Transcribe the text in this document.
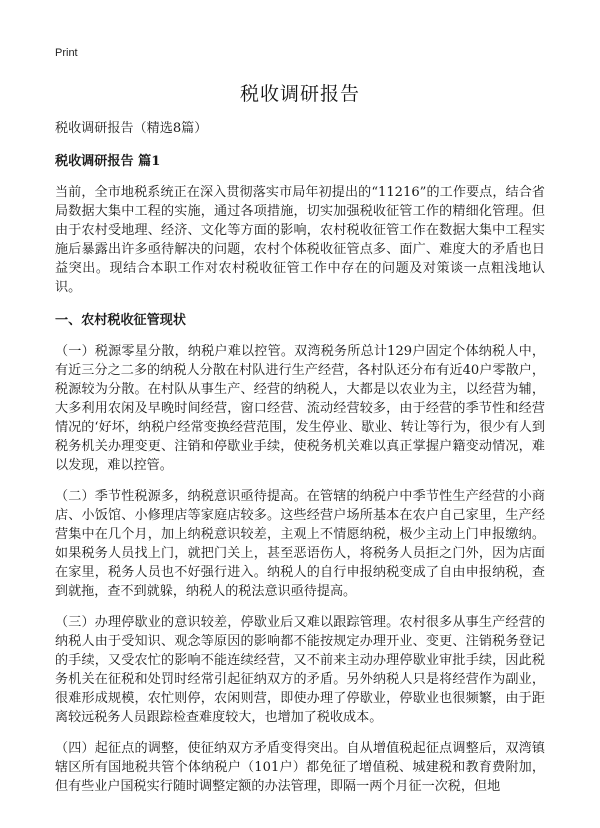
Print
税收调研报告
税收调研报告（精选8篇）
税收调研报告 篇1
当前，全市地税系统正在深入贯彻落实市局年初提出的“11216”的工作要点，结合省局数据大集中工程的实施，通过各项措施，切实加强税收征管工作的精细化管理。但由于农村受地理、经济、文化等方面的影响，农村税收征管工作在数据大集中工程实施后暴露出许多亟待解决的问题，农村个体税收征管点多、面广、难度大的矛盾也日益突出。现结合本职工作对农村税收征管工作中存在的问题及对策谈一点粗浅地认识。
一、农村税收征管现状
（一）税源零星分散，纳税户难以控管。双湾税务所总计129户固定个体纳税人中，有近三分之二多的纳税人分散在村队进行生产经营，各村队还分布有近40户零散户，税源较为分散。在村队从事生产、经营的纳税人，大都是以农业为主，以经营为辅，大多利用农闲及早晚时间经营，窗口经营、流动经营较多，由于经营的季节性和经营情况的‘好坏，纳税户经常变换经营范围，发生停业、歇业、转让等行为，很少有人到税务机关办理变更、注销和停歇业手续，使税务机关难以真正掌握户籍变动情况，难以发现，难以控管。
（二）季节性税源多，纳税意识亟待提高。在管辖的纳税户中季节性生产经营的小商店、小饭馆、小修理店等家庭店较多。这些经营户场所基本在农户自己家里，生产经营集中在几个月，加上纳税意识较差，主观上不情愿纳税，极少主动上门申报缴纳。如果税务人员找上门，就把门关上，甚至恶语伤人，将税务人员拒之门外，因为店面在家里，税务人员也不好强行进入。纳税人的自行申报纳税变成了自由申报纳税，查到就拖，查不到就躲，纳税人的税法意识亟待提高。
（三）办理停歇业的意识较差，停歇业后又难以跟踪管理。农村很多从事生产经营的纳税人由于受知识、观念等原因的影响都不能按规定办理开业、变更、注销税务登记的手续，又受农忙的影响不能连续经营，又不前来主动办理停歇业审批手续，因此税务机关在征税和处罚时经常引起征纳双方的矛盾。另外纳税人只是将经营作为副业，很难形成规模，农忙则停，农闲则营，即使办理了停歇业，停歇业也很频繁，由于距离较远税务人员跟踪检查难度较大，也增加了税收成本。
（四）起征点的调整，使征纳双方矛盾变得突出。自从增值税起征点调整后，双湾镇辖区所有国地税共管个体纳税户（101户）都免征了增值税、城建税和教育费附加，但有些业户国税实行随时调整定额的办法管理，即隔一两个月征一次税，但地
